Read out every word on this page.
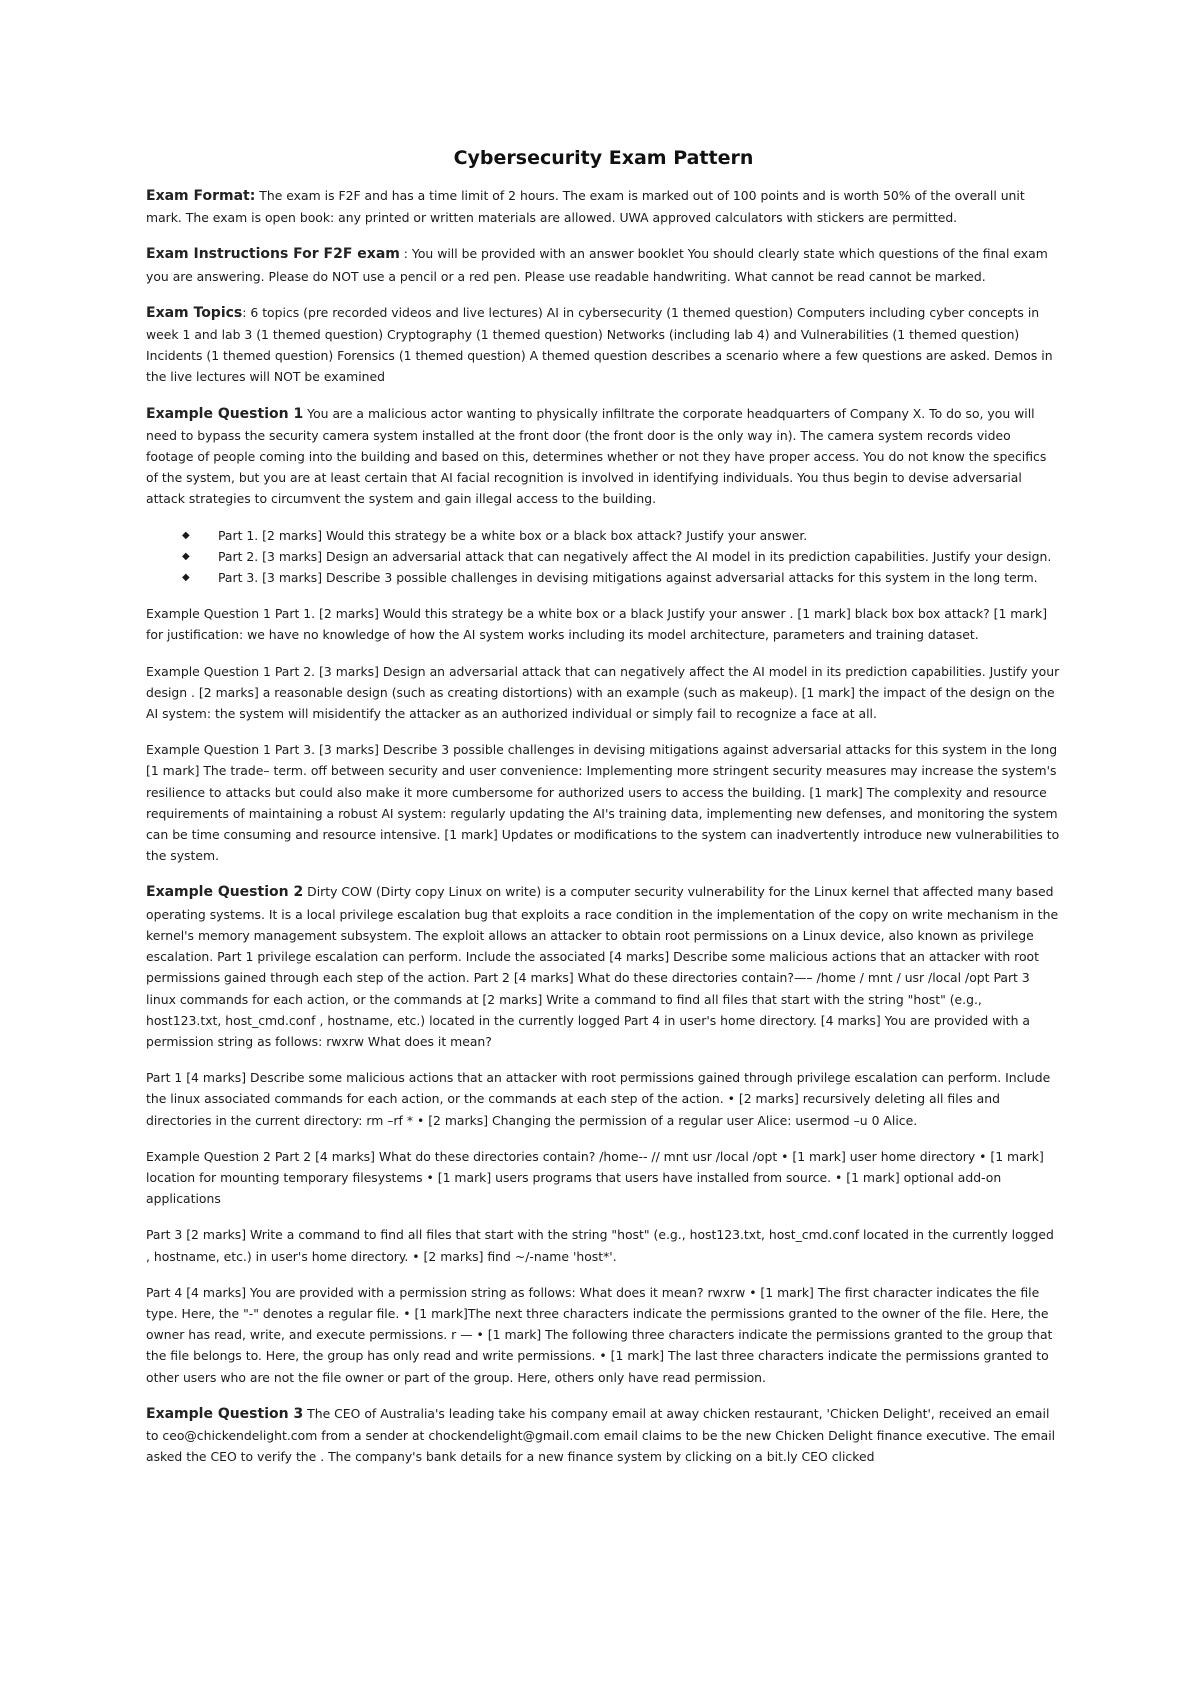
Cybersecurity Exam Pattern

Exam Format: The exam is F2F and has a time limit of 2 hours. The exam is marked out of 100 points and is worth 50% of the overall unit mark. The exam is open book: any printed or written materials are allowed. UWA approved calculators with stickers are permitted.

Exam Instructions For F2F exam : You will be provided with an answer booklet You should clearly state which questions of the final exam you are answering. Please do NOT use a pencil or a red pen. Please use readable handwriting. What cannot be read cannot be marked.

Exam Topics: 6 topics (pre recorded videos and live lectures) AI in cybersecurity (1 themed question) Computers including cyber concepts in week 1 and lab 3 (1 themed question) Cryptography (1 themed question) Networks (including lab 4) and Vulnerabilities (1 themed question) Incidents (1 themed question) Forensics (1 themed question) A themed question describes a scenario where a few questions are asked. Demos in the live lectures will NOT be examined

Example Question 1 You are a malicious actor wanting to physically infiltrate the corporate headquarters of Company X. To do so, you will need to bypass the security camera system installed at the front door (the front door is the only way in). The camera system records video footage of people coming into the building and based on this, determines whether or not they have proper access. You do not know the specifics of the system, but you are at least certain that AI facial recognition is involved in identifying individuals. You thus begin to devise adversarial attack strategies to circumvent the system and gain illegal access to the building.

◆ Part 1. [2 marks] Would this strategy be a white box or a black box attack? Justify your answer.
◆ Part 2. [3 marks] Design an adversarial attack that can negatively affect the AI model in its prediction capabilities. Justify your design.
◆ Part 3. [3 marks] Describe 3 possible challenges in devising mitigations against adversarial attacks for this system in the long term.

Example Question 1 Part 1. [2 marks] Would this strategy be a white box or a black Justify your answer . [1 mark] black box box attack? [1 mark] for justification: we have no knowledge of how the AI system works including its model architecture, parameters and training dataset.

Example Question 1 Part 2. [3 marks] Design an adversarial attack that can negatively affect the AI model in its prediction capabilities. Justify your design . [2 marks] a reasonable design (such as creating distortions) with an example (such as makeup). [1 mark] the impact of the design on the AI system: the system will misidentify the attacker as an authorized individual or simply fail to recognize a face at all.

Example Question 1 Part 3. [3 marks] Describe 3 possible challenges in devising mitigations against adversarial attacks for this system in the long [1 mark] The trade– term. off between security and user convenience: Implementing more stringent security measures may increase the system's resilience to attacks but could also make it more cumbersome for authorized users to access the building. [1 mark] The complexity and resource requirements of maintaining a robust AI system: regularly updating the AI's training data, implementing new defenses, and monitoring the system can be time consuming and resource intensive. [1 mark] Updates or modifications to the system can inadvertently introduce new vulnerabilities to the system.

Example Question 2 Dirty COW (Dirty copy Linux on write) is a computer security vulnerability for the Linux kernel that affected many based operating systems. It is a local privilege escalation bug that exploits a race condition in the implementation of the copy on write mechanism in the kernel's memory management subsystem. The exploit allows an attacker to obtain root permissions on a Linux device, also known as privilege escalation. Part 1 privilege escalation can perform. Include the associated [4 marks] Describe some malicious actions that an attacker with root permissions gained through each step of the action. Part 2 [4 marks] What do these directories contain?—– /home / mnt / usr /local /opt Part 3 linux commands for each action, or the commands at [2 marks] Write a command to find all files that start with the string "host" (e.g., host123.txt, host_cmd.conf , hostname, etc.) located in the currently logged Part 4 in user's home directory. [4 marks] You are provided with a permission string as follows: rwxrw What does it mean?

Part 1 [4 marks] Describe some malicious actions that an attacker with root permissions gained through privilege escalation can perform. Include the linux associated commands for each action, or the commands at each step of the action. • [2 marks] recursively deleting all files and directories in the current directory: rm –rf * • [2 marks] Changing the permission of a regular user Alice: usermod –u 0 Alice.

Example Question 2 Part 2 [4 marks] What do these directories contain? /home-- // mnt usr /local /opt • [1 mark] user home directory • [1 mark] location for mounting temporary filesystems • [1 mark] users programs that users have installed from source. • [1 mark] optional add-on applications

Part 3 [2 marks] Write a command to find all files that start with the string "host" (e.g., host123.txt, host_cmd.conf located in the currently logged , hostname, etc.) in user's home directory. • [2 marks] find ~/-name 'host*'.

Part 4 [4 marks] You are provided with a permission string as follows: What does it mean? rwxrw • [1 mark] The first character indicates the file type. Here, the "-" denotes a regular file. • [1 mark]The next three characters indicate the permissions granted to the owner of the file. Here, the owner has read, write, and execute permissions. r — • [1 mark] The following three characters indicate the permissions granted to the group that the file belongs to. Here, the group has only read and write permissions. • [1 mark] The last three characters indicate the permissions granted to other users who are not the file owner or part of the group. Here, others only have read permission.

Example Question 3 The CEO of Australia's leading take his company email at away chicken restaurant, 'Chicken Delight', received an email to ceo@chickendelight.com from a sender at chockendelight@gmail.com email claims to be the new Chicken Delight finance executive. The email asked the CEO to verify the . The company's bank details for a new finance system by clicking on a bit.ly CEO clicked
